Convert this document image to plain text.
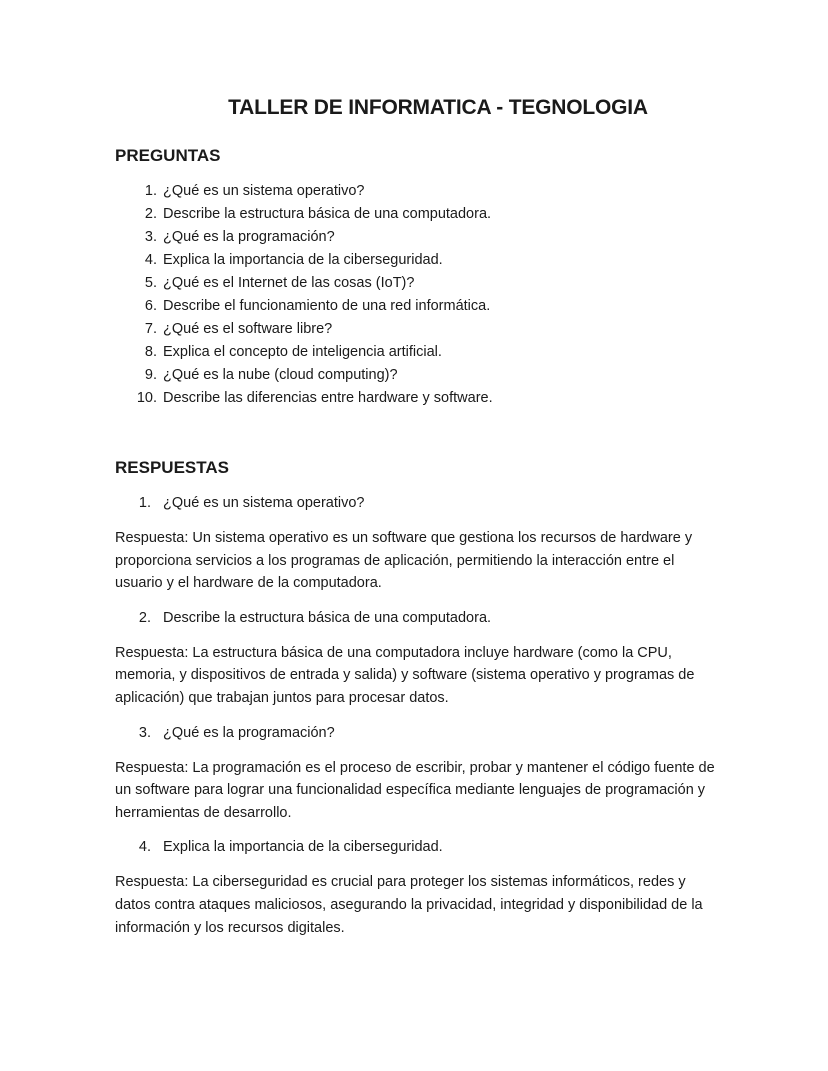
TALLER DE INFORMATICA - TEGNOLOGIA
PREGUNTAS
1. ¿Qué es un sistema operativo?
2. Describe la estructura básica de una computadora.
3. ¿Qué es la programación?
4. Explica la importancia de la ciberseguridad.
5. ¿Qué es el Internet de las cosas (IoT)?
6. Describe el funcionamiento de una red informática.
7. ¿Qué es el software libre?
8. Explica el concepto de inteligencia artificial.
9. ¿Qué es la nube (cloud computing)?
10. Describe las diferencias entre hardware y software.
RESPUESTAS
1. ¿Qué es un sistema operativo?

Respuesta: Un sistema operativo es un software que gestiona los recursos de hardware y proporciona servicios a los programas de aplicación, permitiendo la interacción entre el usuario y el hardware de la computadora.

2. Describe la estructura básica de una computadora.

Respuesta: La estructura básica de una computadora incluye hardware (como la CPU, memoria, y dispositivos de entrada y salida) y software (sistema operativo y programas de aplicación) que trabajan juntos para procesar datos.

3. ¿Qué es la programación?

Respuesta: La programación es el proceso de escribir, probar y mantener el código fuente de un software para lograr una funcionalidad específica mediante lenguajes de programación y herramientas de desarrollo.

4. Explica la importancia de la ciberseguridad.

Respuesta: La ciberseguridad es crucial para proteger los sistemas informáticos, redes y datos contra ataques maliciosos, asegurando la privacidad, integridad y disponibilidad de la información y los recursos digitales.
